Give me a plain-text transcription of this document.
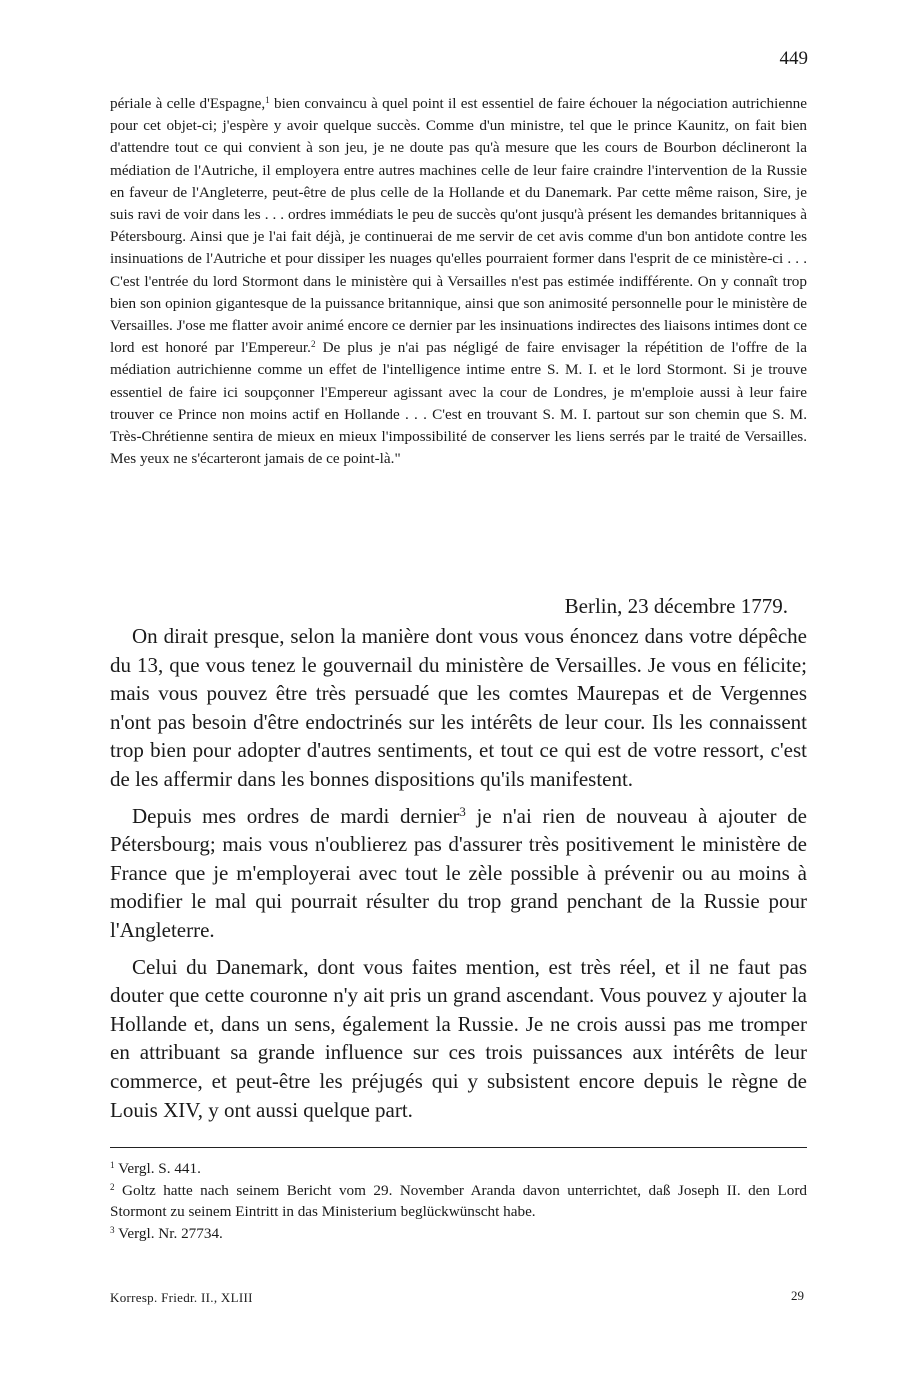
449
périale à celle d'Espagne,$^1$ bien convaincu à quel point il est essentiel de faire échouer la négociation autrichienne pour cet objet-ci; j'espère y avoir quelque succès. Comme d'un ministre, tel que le prince Kaunitz, on fait bien d'attendre tout ce qui convient à son jeu, je ne doute pas qu'à mesure que les cours de Bourbon déclineront la médiation de l'Autriche, il employera entre autres machines celle de leur faire craindre l'intervention de la Russie en faveur de l'Angleterre, peut-être de plus celle de la Hollande et du Danemark. Par cette même raison, Sire, je suis ravi de voir dans les . . . ordres immédiats le peu de succès qu'ont jusqu'à présent les demandes britanniques à Pétersbourg. Ainsi que je l'ai fait déjà, je continuerai de me servir de cet avis comme d'un bon antidote contre les insinuations de l'Autriche et pour dissiper les nuages qu'elles pourraient former dans l'esprit de ce ministère-ci . . . C'est l'entrée du lord Stormont dans le ministère qui à Versailles n'est pas estimée indifférente. On y connaît trop bien son opinion gigantesque de la puissance britannique, ainsi que son animosité personnelle pour le ministère de Versailles. J'ose me flatter avoir animé encore ce dernier par les insinuations indirectes des liaisons intimes dont ce lord est honoré par l'Empereur.$^2$ De plus je n'ai pas négligé de faire envisager la répétition de l'offre de la médiation autrichienne comme un effet de l'intelligence intime entre S. M. I. et le lord Stormont. Si je trouve essentiel de faire ici soupçonner l'Empereur agissant avec la cour de Londres, je m'emploie aussi à leur faire trouver ce Prince non moins actif en Hollande . . . C'est en trouvant S. M. I. partout sur son chemin que S. M. Très-Chrétienne sentira de mieux en mieux l'impossibilité de conserver les liens serrés par le traité de Versailles. Mes yeux ne s'écarteront jamais de ce point-là."
Berlin, 23 décembre 1779.

On dirait presque, selon la manière dont vous vous énoncez dans votre dépêche du 13, que vous tenez le gouvernail du ministère de Versailles. Je vous en félicite; mais vous pouvez être très persuadé que les comtes Maurepas et de Vergennes n'ont pas besoin d'être endoctrinés sur les intérêts de leur cour. Ils les connaissent trop bien pour adopter d'autres sentiments, et tout ce qui est de votre ressort, c'est de les affermir dans les bonnes dispositions qu'ils manifestent.

Depuis mes ordres de mardi dernier$^3$ je n'ai rien de nouveau à ajouter de Pétersbourg; mais vous n'oublierez pas d'assurer très positivement le ministère de France que je m'employerai avec tout le zèle possible à prévenir ou au moins à modifier le mal qui pourrait résulter du trop grand penchant de la Russie pour l'Angleterre.

Celui du Danemark, dont vous faites mention, est très réel, et il ne faut pas douter que cette couronne n'y ait pris un grand ascendant. Vous pouvez y ajouter la Hollande et, dans un sens, également la Russie. Je ne crois aussi pas me tromper en attribuant sa grande influence sur ces trois puissances aux intérêts de leur commerce, et peut-être les préjugés qui y subsistent encore depuis le règne de Louis XIV, y ont aussi quelque part.

$^1$ Vergl. S. 441.
$^2$ Goltz hatte nach seinem Bericht vom 29. November Aranda davon unterrichtet, daß Joseph II. den Lord Stormont zu seinem Eintritt in das Ministerium beglückwünscht habe.
$^3$ Vergl. Nr. 27734.
Korresp. Friedr. II., XLIII	29
